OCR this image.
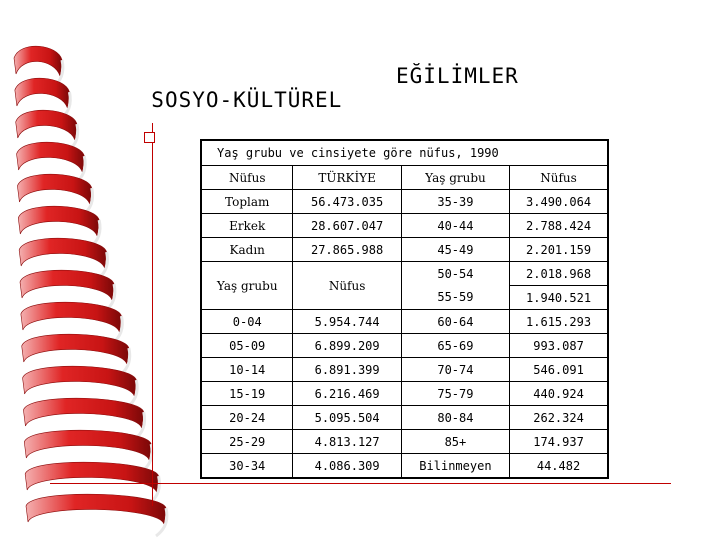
SOSYO-KÜLTÜREL

EĞİLİMLER

Yaş grubu ve cinsiyete göre nüfus, 1990			
Nüfus	TÜRKİYE	Yaş grubu	Nüfus
Toplam	56.473.035	35-39	3.490.064
Erkek	28.607.047	40-44	2.788.424
Kadın	27.865.988	45-49	2.201.159
Yaş grubu	Nüfus	50-54	2.018.968
		55-59	1.940.521
0-04	5.954.744	60-64	1.615.293
05-09	6.899.209	65-69	993.087
10-14	6.891.399	70-74	546.091
15-19	6.216.469	75-79	440.924
20-24	5.095.504	80-84	262.324
25-29	4.813.127	85+	174.937
30-34	4.086.309	Bilinmeyen	44.482
